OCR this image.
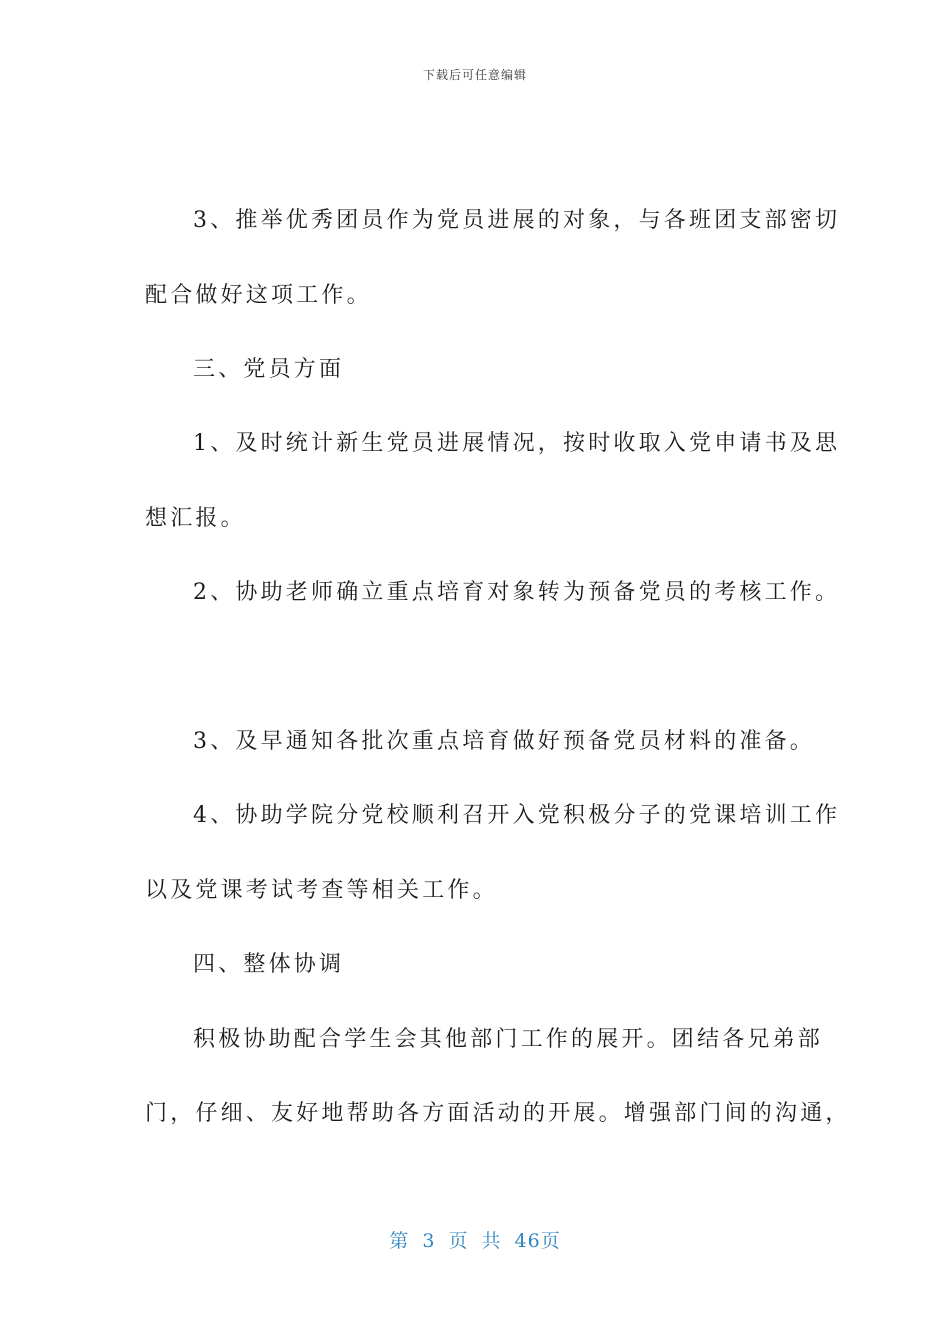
下载后可任意编辑
3、推举优秀团员作为党员进展的对象，与各班团支部密切
配合做好这项工作。
三、党员方面
1、及时统计新生党员进展情况，按时收取入党申请书及思
想汇报。
2、协助老师确立重点培育对象转为预备党员的考核工作。
3、及早通知各批次重点培育做好预备党员材料的准备。
4、协助学院分党校顺利召开入党积极分子的党课培训工作
以及党课考试考查等相关工作。
四、整体协调
积极协助配合学生会其他部门工作的展开。团结各兄弟部
门，仔细、友好地帮助各方面活动的开展。增强部门间的沟通，
第 3 页 共 46页
